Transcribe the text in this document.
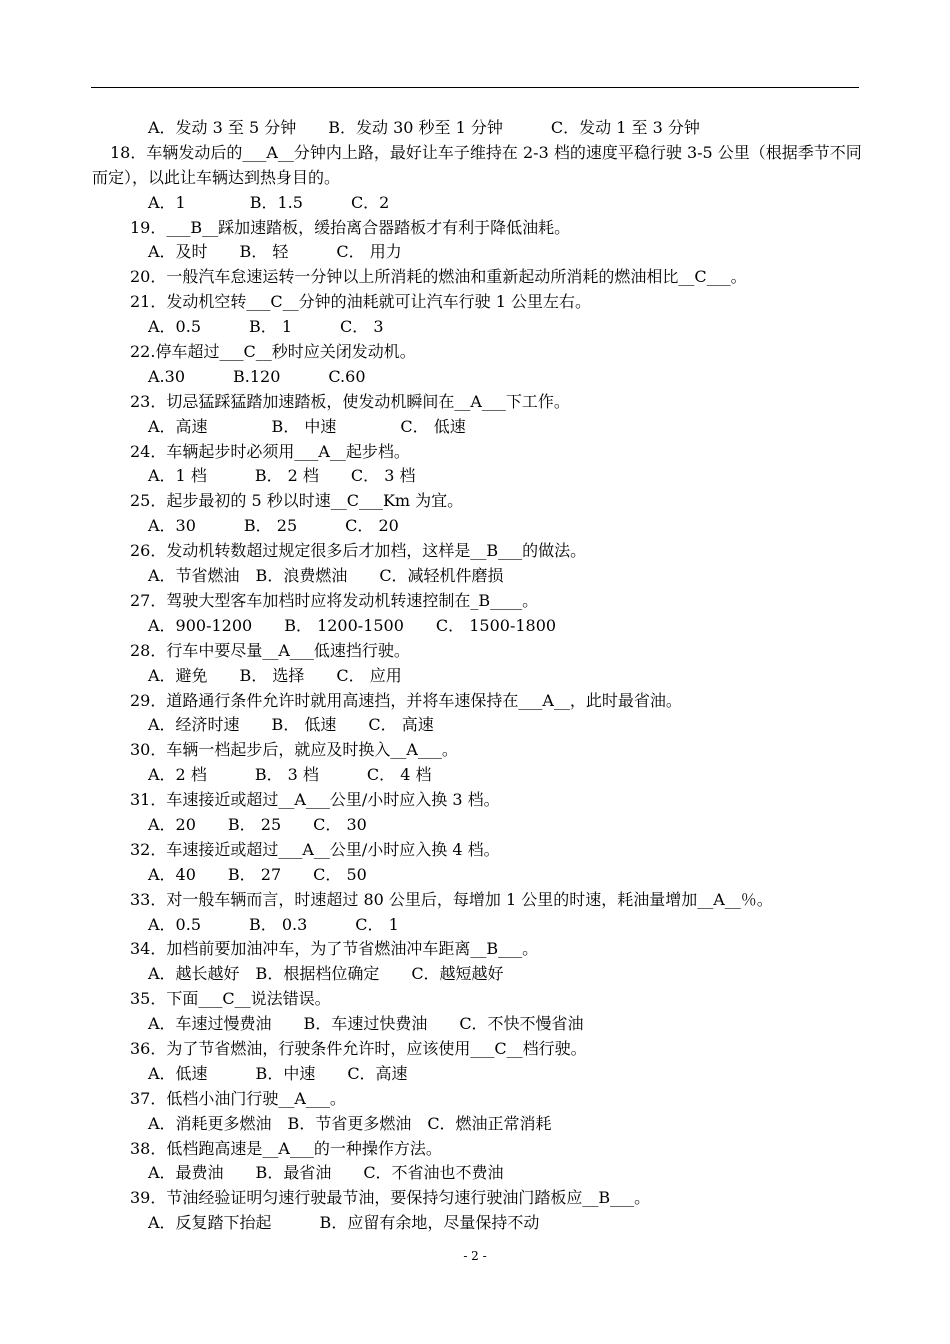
A．发动 3 至 5 分钟　　B．发动 30 秒至 1 分钟　　　C．发动 1 至 3 分钟
18．车辆发动后的___A__分钟内上路，最好让车子维持在 2-3 档的速度平稳行驶 3-5 公里（根据季节不同而定），以此让车辆达到热身目的。
A．1　　　　B．1.5　　　C．2
19．___B__踩加速踏板，缓抬离合器踏板才有利于降低油耗。
A．及时　　B． 轻　　　C． 用力
20．一般汽车怠速运转一分钟以上所消耗的燃油和重新起动所消耗的燃油相比__C___。
21．发动机空转___C__分钟的油耗就可让汽车行驶 1 公里左右。
A．0.5　　　B． 1　　　C． 3
22.停车超过___C__秒时应关闭发动机。
A.30　　　B.120　　　C.60
23．切忌猛踩猛踏加速踏板，使发动机瞬间在__A___下工作。
A．高速　　　　B． 中速　　　　C． 低速
24．车辆起步时必须用___A__起步档。
A．1 档　　　B． 2 档　　C． 3 档
25．起步最初的 5 秒以时速__C___Km 为宜。
A．30　　　B． 25　　　C． 20
26．发动机转数超过规定很多后才加档，这样是__B___的做法。
A．节省燃油　B．浪费燃油　　C．减轻机件磨损
27．驾驶大型客车加档时应将发动机转速控制在_B____。
A．900-1200　　B． 1200-1500　　C． 1500-1800
28．行车中要尽量__A___低速挡行驶。
A．避免　　B． 选择　　C． 应用
29．道路通行条件允许时就用高速挡，并将车速保持在___A__，此时最省油。
A．经济时速　　B． 低速　　C． 高速
30．车辆一档起步后，就应及时换入__A___。
A．2 档　　　B． 3 档　　　C． 4 档
31．车速接近或超过__A___公里/小时应入换 3 档。
A．20　　B． 25　　C． 30
32．车速接近或超过___A__公里/小时应入换 4 档。
A．40　　B． 27　　C． 50
33．对一般车辆而言，时速超过 80 公里后，每增加 1 公里的时速，耗油量增加__A__％。
A．0.5　　　B． 0.3　　　C． 1
34．加档前要加油冲车，为了节省燃油冲车距离__B___。
A．越长越好　B．根据档位确定　　C．越短越好
35．下面___C__说法错误。
A．车速过慢费油　　B．车速过快费油　　C．不快不慢省油
36．为了节省燃油，行驶条件允许时，应该使用___C__档行驶。
A．低速　　　B．中速　　C．高速
37．低档小油门行驶__A___。
A．消耗更多燃油　B．节省更多燃油　C．燃油正常消耗
38．低档跑高速是__A___的一种操作方法。
A．最费油　　B．最省油　　C．不省油也不费油
39．节油经验证明匀速行驶最节油，要保持匀速行驶油门踏板应__B___。
A．反复踏下抬起　　　B．应留有余地，尽量保持不动
- 2 -
